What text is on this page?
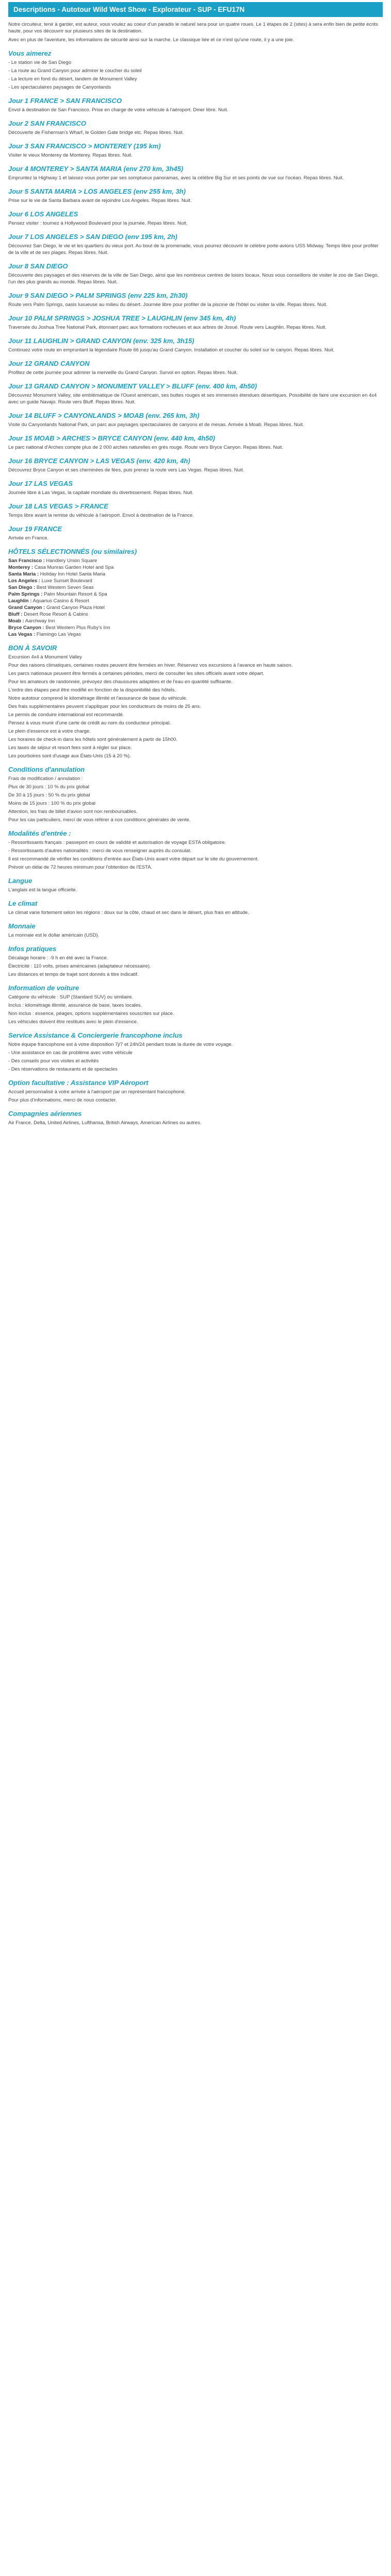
Descriptions - Autotour Wild West Show - Explorateur - SUP - EFU17N

Notre circuiteur, tenir à garder, est auteur, vous voulez au coeur d'un paradis le naturel sera pour un quatre roues. Le 1 étapes de 2 (sites) à sera enfin bien de petite écrits haute, pour vos découvrir sur plusieurs sites de la destination.

Avec en plus de l'aventure, les informations de sécurité ainsi sur la marche. Le classique liée et ce n'est qu'une route, il y a une joie.

Vous aimerez

- Le station vie de San Diego

- La route au Grand Canyon pour admirer le coucher du soleil

- La lecture en fond du désert, tandem de Monument Valley

- Les spectaculaires paysages de Canyonlands

Jour 1 FRANCE > SAN FRANCISCO

Envol à destination de San Francisco. Prise en charge de votre véhicule à l'aéroport. Diner libre. Nuit.

Jour 2 SAN FRANCISCO

Découverte de Fisherman's Wharf, le Golden Gate bridge etc. Repas libres. Nuit.

Jour 3 SAN FRANCISCO > MONTEREY (195 km)

Visiter le vieux Monterey de Monterey. Repas libres. Nuit.

Jour 4 MONTEREY > SANTA MARIA (env 270 km, 3h45)

Empruntez la Highway 1 et laissez-vous porter par ses somptueux panoramas, avec la célèbre Big Sur et ses points de vue sur l'océan. Repas libres. Nuit.

Jour 5 SANTA MARIA > LOS ANGELES (env 255 km, 3h)

Prise sur le vie de Santa Barbara avant de rejoindre Los Angeles. Repas libres. Nuit.

Jour 6 LOS ANGELES

Pensez visiter : tournez à Hollywood Boulevard pour la journée. Repas libres. Nuit.

Jour 7 LOS ANGELES > SAN DIEGO (env 195 km, 2h)

Découvrez San Diego, le vie et les quartiers du vieux port. Au bout de la promenade, vous pourrez découvrir le célèbre porte-avions USS Midway. Temps libre pour profiter de la ville et de ses plages. Repas libres. Nuit.

Jour 8 SAN DIEGO

Découverte des paysages et des réserves de la ville de San Diego, ainsi que les nombreux centres de loisirs locaux. Nous vous conseillons de visiter le zoo de San Diego, l'un des plus grands au monde. Repas libres. Nuit.

Jour 9 SAN DIEGO > PALM SPRINGS (env 225 km, 2h30)

Route vers Palm Springs, oasis luxueuse au milieu du désert. Journée libre pour profiter de la piscine de l'hôtel ou visiter la ville. Repas libres. Nuit.

Jour 10 PALM SPRINGS > JOSHUA TREE > LAUGHLIN (env 345 km, 4h)

Traversée du Joshua Tree National Park, étonnant parc aux formations rocheuses et aux arbres de Josué. Route vers Laughlin. Repas libres. Nuit.

Jour 11 LAUGHLIN > GRAND CANYON (env. 325 km, 3h15)

Continuez votre route en empruntant la légendaire Route 66 jusqu'au Grand Canyon. Installation et coucher du soleil sur le canyon. Repas libres. Nuit.

Jour 12 GRAND CANYON

Profitez de cette journée pour admirer la merveille du Grand Canyon. Survol en option. Repas libres. Nuit.

Jour 13 GRAND CANYON > MONUMENT VALLEY > BLUFF (env. 400 km, 4h50)

Découvrez Monument Valley, site emblématique de l'Ouest américain, ses buttes rouges et ses immenses étendues désertiques. Possibilité de faire une excursion en 4x4 avec un guide Navajo. Route vers Bluff. Repas libres. Nuit.

Jour 14 BLUFF > CANYONLANDS > MOAB (env. 265 km, 3h)

Visite du Canyonlands National Park, un parc aux paysages spectaculaires de canyons et de mesas. Arrivée à Moab. Repas libres. Nuit.

Jour 15 MOAB > ARCHES > BRYCE CANYON (env. 440 km, 4h50)

Le parc national d'Arches compte plus de 2 000 arches naturelles en grès rouge. Route vers Bryce Canyon. Repas libres. Nuit.

Jour 16 BRYCE CANYON > LAS VEGAS (env. 420 km, 4h)

Découvrez Bryce Canyon et ses cheminées de fées, puis prenez la route vers Las Vegas. Repas libres. Nuit.

Jour 17 LAS VEGAS

Journée libre à Las Vegas, la capitale mondiale du divertissement. Repas libres. Nuit.

Jour 18 LAS VEGAS > FRANCE

Temps libre avant la remise du véhicule à l'aéroport. Envol à destination de la France.

Jour 19 FRANCE

Arrivée en France.

HÔTELS SÉLECTIONNÉS (ou similaires)

San Francisco : Handlery Union Square

Monterey : Casa Munras Garden Hotel and Spa

Santa Maria : Holiday Inn Hotel Santa Maria

Los Angeles : Luxe Sunset Boulevard

San Diego : Best Western Seven Seas

Palm Springs : Palm Mountain Resort & Spa

Laughlin : Aquarius Casino & Resort

Grand Canyon : Grand Canyon Plaza Hotel

Bluff : Desert Rose Resort & Cabins

Moab : Aarchway Inn

Bryce Canyon : Best Western Plus Ruby's Inn

Las Vegas : Flamingo Las Vegas

BON À SAVOIR

Excursion 4x4 à Monument Valley

Pour des raisons climatiques, certaines routes peuvent être fermées en hiver. Réservez vos excursions à l'avance en haute saison.

Les parcs nationaux peuvent être fermés à certaines périodes, merci de consulter les sites officiels avant votre départ.

Pour les amateurs de randonnée, prévoyez des chaussures adaptées et de l'eau en quantité suffisante.

L'ordre des étapes peut être modifié en fonction de la disponibilité des hôtels.

Notre autotour comprend le kilométrage illimité et l'assurance de base du véhicule.

Des frais supplémentaires peuvent s'appliquer pour les conducteurs de moins de 25 ans.

Le permis de conduire international est recommandé.

Pensez à vous munir d'une carte de crédit au nom du conducteur principal.

Le plein d'essence est à votre charge.

Les horaires de check-in dans les hôtels sont généralement à partir de 15h00.

Les taxes de séjour et resort fees sont à régler sur place.

Les pourboires sont d'usage aux États-Unis (15 à 20 %).

Conditions d'annulation

Frais de modification / annulation :

Plus de 30 jours : 10 % du prix global

De 30 à 15 jours : 50 % du prix global

Moins de 15 jours : 100 % du prix global

Attention, les frais de billet d'avion sont non remboursables.

Pour les cas particuliers, merci de vous référer à nos conditions générales de vente.

Modalités d'entrée :

- Ressortissants français : passeport en cours de validité et autorisation de voyage ESTA obligatoire.

- Ressortissants d'autres nationalités : merci de vous renseigner auprès du consulat.

Il est recommandé de vérifier les conditions d'entrée aux États-Unis avant votre départ sur le site du gouvernement.

Prévoir un délai de 72 heures minimum pour l'obtention de l'ESTA.

Langue

L'anglais est la langue officielle.

Le climat

Le climat varie fortement selon les régions : doux sur la côte, chaud et sec dans le désert, plus frais en altitude.

Monnaie

La monnaie est le dollar américain (USD).

Infos pratiques

Décalage horaire : -9 h en été avec la France.

Électricité : 110 volts, prises américaines (adaptateur nécessaire).

Les distances et temps de trajet sont donnés à titre indicatif.

Information de voiture

Catégorie du véhicule : SUP (Standard SUV) ou similaire.

Inclus : kilométrage illimité, assurance de base, taxes locales.

Non inclus : essence, péages, options supplémentaires souscrites sur place.

Les véhicules doivent être restitués avec le plein d'essence.

Service Assistance & Conciergerie francophone inclus

Notre équipe francophone est à votre disposition 7j/7 et 24h/24 pendant toute la durée de votre voyage.

- Une assistance en cas de problème avec votre véhicule

- Des conseils pour vos visites et activités

- Des réservations de restaurants et de spectacles

Option facultative : Assistance VIP Aéroport

Accueil personnalisé à votre arrivée à l'aéroport par un représentant francophone.

Pour plus d'informations, merci de nous contacter.

Compagnies aériennes

Air France, Delta, United Airlines, Lufthansa, British Airways, American Airlines ou autres.
